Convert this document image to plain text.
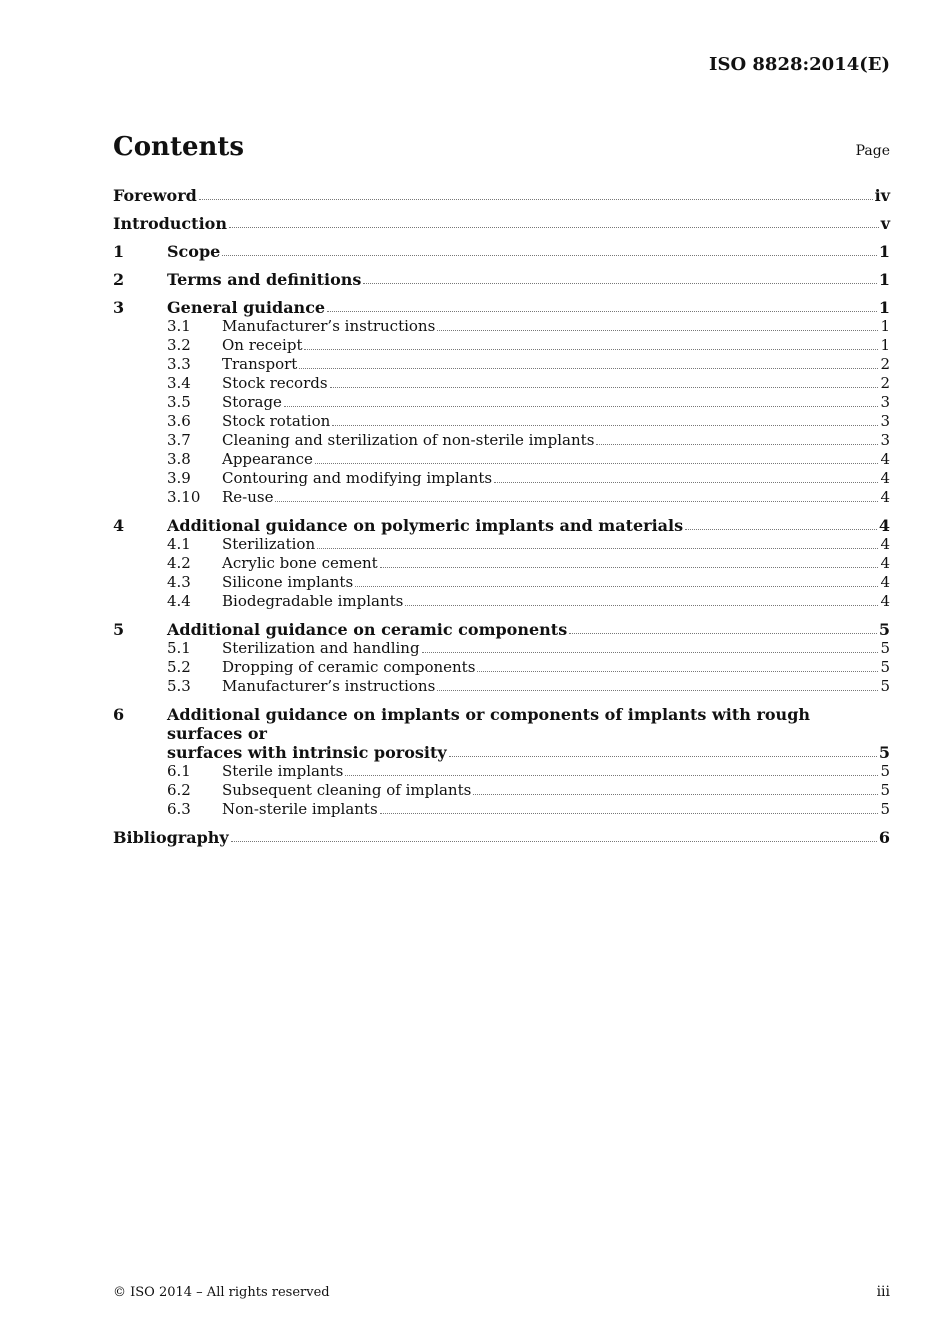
ISO 8828:2014(E)
Contents	Page
Foreword	iv
Introduction	v
1	Scope	1
2	Terms and definitions	1
3	General guidance	1
3.1	Manufacturer’s instructions	1
3.2	On receipt	1
3.3	Transport	2
3.4	Stock records	2
3.5	Storage	3
3.6	Stock rotation	3
3.7	Cleaning and sterilization of non-sterile implants	3
3.8	Appearance	4
3.9	Contouring and modifying implants	4
3.10	Re-use	4
4	Additional guidance on polymeric implants and materials	4
4.1	Sterilization	4
4.2	Acrylic bone cement	4
4.3	Silicone implants	4
4.4	Biodegradable implants	4
5	Additional guidance on ceramic components	5
5.1	Sterilization and handling	5
5.2	Dropping of ceramic components	5
5.3	Manufacturer’s instructions	5
6	Additional guidance on implants or components of implants with rough surfaces or
surfaces with intrinsic porosity	5
6.1	Sterile implants	5
6.2	Subsequent cleaning of implants	5
6.3	Non-sterile implants	5
Bibliography	6
© ISO 2014 – All rights reserved	iii
